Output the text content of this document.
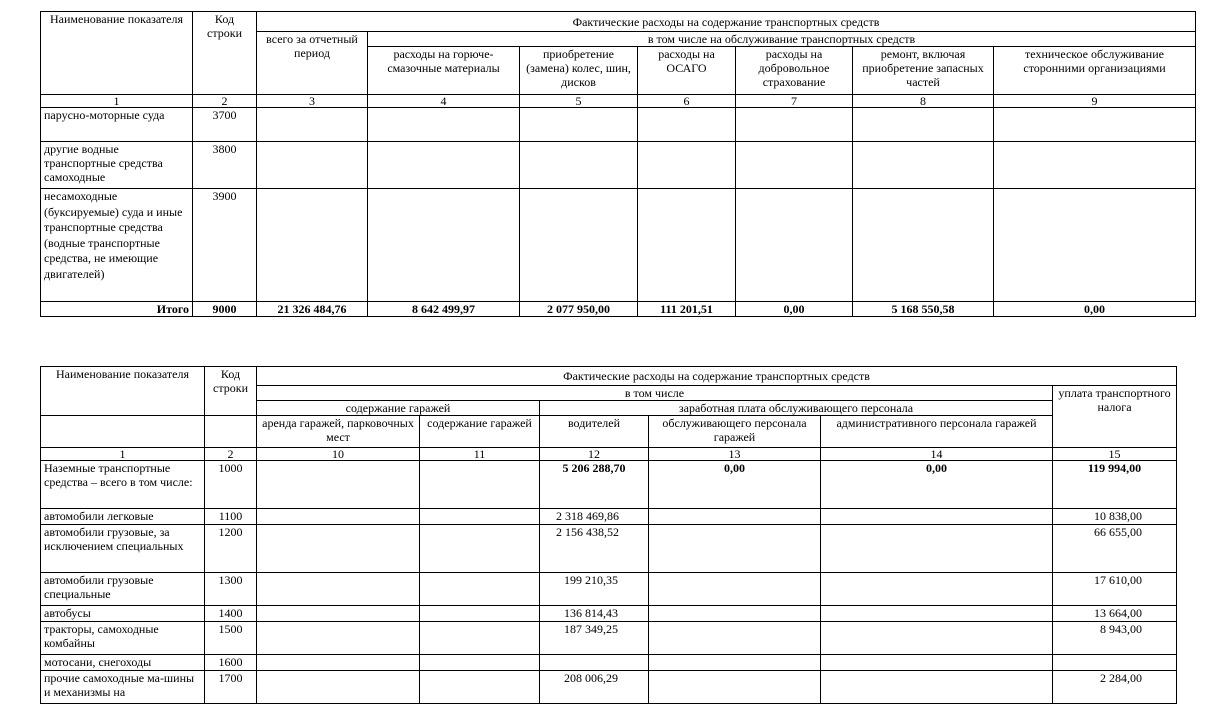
Наименование показателя	Код строки	Фактические расходы на содержание транспортных средств						
		всего за отчетный период	в том числе на обслуживание транспортных средств					
			расходы на горюче-смазочные материалы	приобретение (замена) колес, шин, дисков	расходы на ОСАГО	расходы на добровольное страхование	ремонт, включая приобретение запасных частей	техническое обслуживание сторонними организациями
1	2	3	4	5	6	7	8	9
парусно-моторные суда	3700							
другие водные транспортные средства самоходные	3800							
несамоходные (буксируемые) суда и иные транспортные средства (водные транспортные средства, не имеющие двигателей)	3900							
Итого	9000	21 326 484,76	8 642 499,97	2 077 950,00	111 201,51	0,00	5 168 550,58	0,00
Наименование показателя	Код строки	Фактические расходы на содержание транспортных средств					
		в том числе					уплата транспортного налога
		содержание гаражей		заработная плата обслуживающего персонала			
		аренда гаражей, парковочных мест	содержание гаражей	водителей	обслуживающего персонала гаражей	административного персонала гаражей	
1	2	10	11	12	13	14	15
Наземные транспортные средства – всего в том числе:	1000			5 206 288,70	0,00	0,00	119 994,00
автомобили легковые	1100			2 318 469,86			10 838,00
автомобили грузовые, за исключением специальных	1200			2 156 438,52			66 655,00
автомобили грузовые специальные	1300			199 210,35			17 610,00
автобусы	1400			136 814,43			13 664,00
тракторы, самоходные комбайны	1500			187 349,25			8 943,00
мотосани, снегоходы	1600						
прочие самоходные ма-шины и механизмы на	1700			208 006,29			2 284,00
